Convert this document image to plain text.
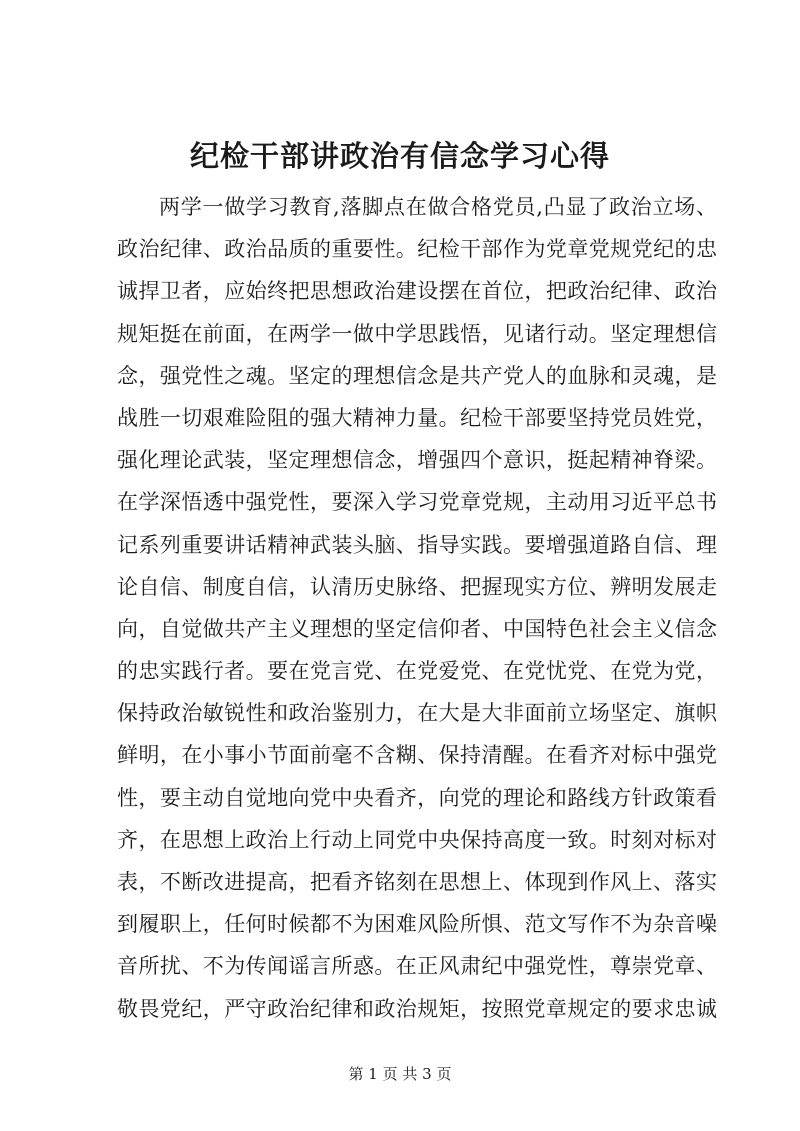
纪检干部讲政治有信念学习心得
两学一做学习教育,落脚点在做合格党员,凸显了政治立场、
政治纪律、政治品质的重要性。纪检干部作为党章党规党纪的忠
诚捍卫者，应始终把思想政治建设摆在首位，把政治纪律、政治
规矩挺在前面，在两学一做中学思践悟，见诸行动。坚定理想信
念，强党性之魂。坚定的理想信念是共产党人的血脉和灵魂，是
战胜一切艰难险阻的强大精神力量。纪检干部要坚持党员姓党，
强化理论武装，坚定理想信念，增强四个意识，挺起精神脊梁。
在学深悟透中强党性，要深入学习党章党规，主动用习近平总书
记系列重要讲话精神武装头脑、指导实践。要增强道路自信、理
论自信、制度自信，认清历史脉络、把握现实方位、辨明发展走
向，自觉做共产主义理想的坚定信仰者、中国特色社会主义信念
的忠实践行者。要在党言党、在党爱党、在党忧党、在党为党，
保持政治敏锐性和政治鉴别力，在大是大非面前立场坚定、旗帜
鲜明，在小事小节面前毫不含糊、保持清醒。在看齐对标中强党
性，要主动自觉地向党中央看齐，向党的理论和路线方针政策看
齐，在思想上政治上行动上同党中央保持高度一致。时刻对标对
表，不断改进提高，把看齐铭刻在思想上、体现到作风上、落实
到履职上，任何时候都不为困难风险所惧、范文写作不为杂音噪
音所扰、不为传闻谣言所惑。在正风肃纪中强党性，尊崇党章、
敬畏党纪，严守政治纪律和政治规矩，按照党章规定的要求忠诚
第 1 页 共 3 页
